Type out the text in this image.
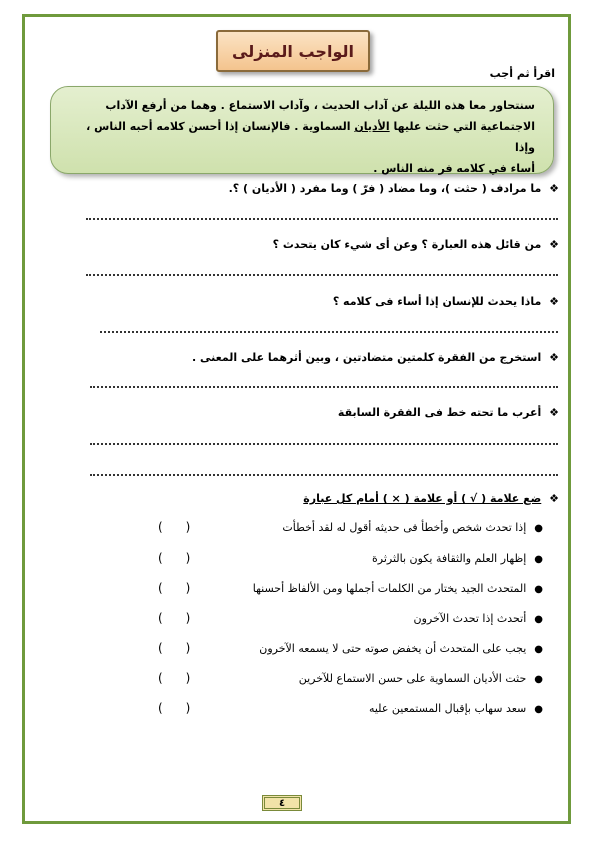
الواجب المنزلى
اقرأ ثم أجب
سنتحاور معا هذه الليلة عن آداب الحديث ، وآداب الاستماع . وهما من أرفع الآداب
الاجتماعية التي حثت عليها الأديان السماوية . فالإنسان إذا أحسن كلامه أحبه الناس ، وإذا
أساء في كلامه فر منه الناس .
❖ ما مرادف ( حثت )، وما مضاد ( فرّ ) وما مفرد ( الأديان ) ؟.
❖ من قائل هذه العبارة ؟ وعن أى شيء كان يتحدث ؟
❖ ماذا يحدث للإنسان إذا أساء فى كلامه ؟
❖ استخرج من الفقرة كلمتين متضادتين ، وبين أثرهما على المعنى .
❖ أعرب ما تحته خط فى الفقرة السابقة
❖ ضع علامة ( √ ) أو علامة ( × ) أمام كل عبارة
●إذا تحدث شخص وأخطأ فى حديثه أقول له لقد أخطأت
(      )
●إظهار العلم والثقافة يكون بالثرثرة
(      )
●المتحدث الجيد يختار من الكلمات أجملها ومن الألفاظ أحسنها
(      )
●أتحدث إذا تحدث الآخرون
(      )
●يجب على المتحدث أن يخفض صوته حتى لا يسمعه الآخرون
(      )
●حثت الأديان السماوية على حسن الاستماع للآخرين
(      )
●سعد سهاب بإقبال المستمعين عليه
(      )
٤
